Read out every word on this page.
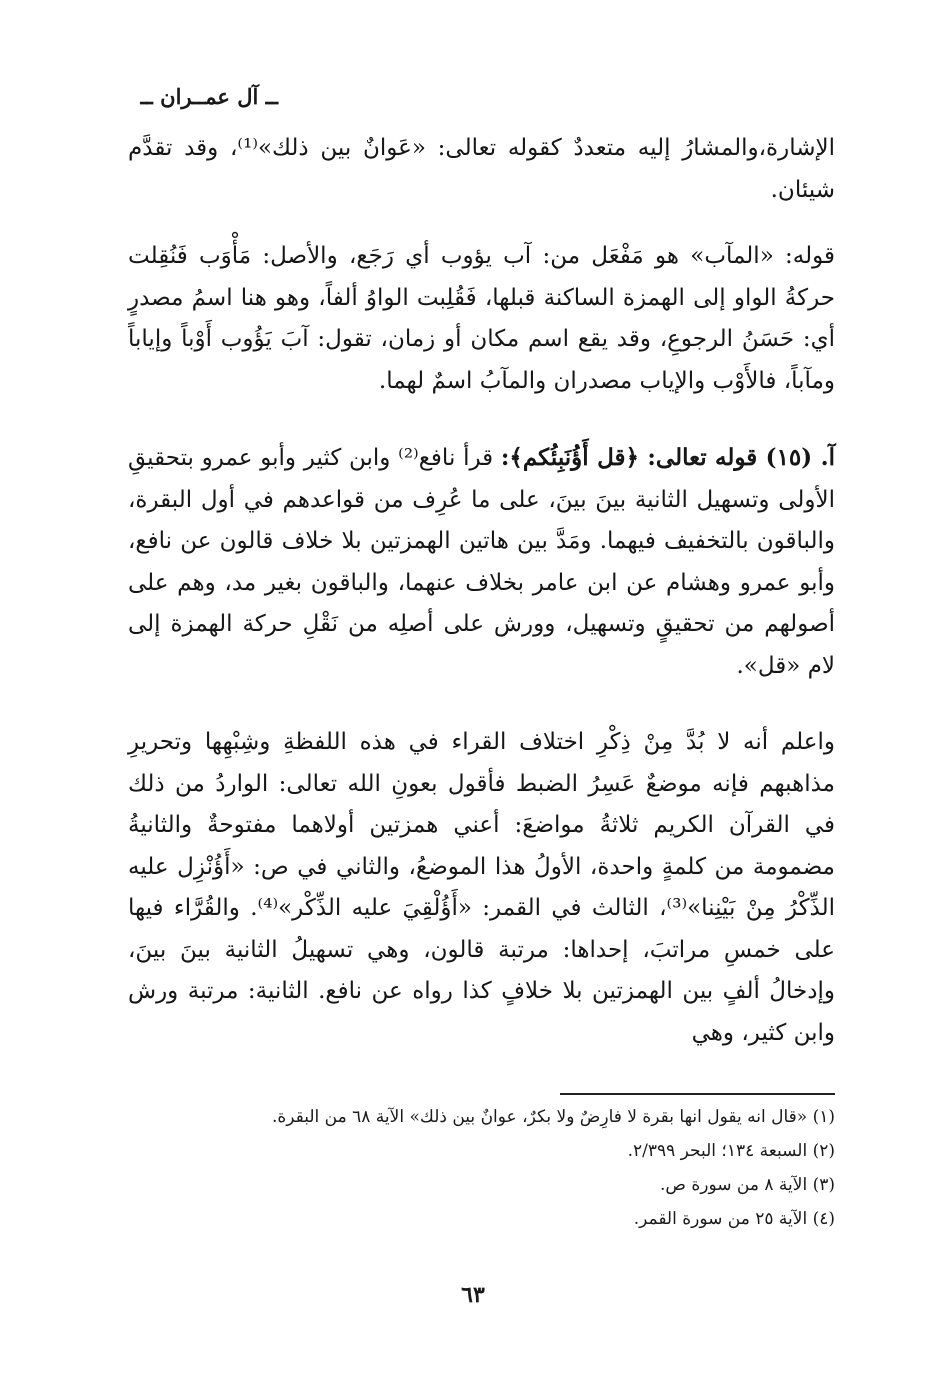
ــ آل عمــران ــ
الإشارة،والمشارُ إليه متعددٌ كقوله تعالى: «عَوانٌ بين ذلك»⁽¹⁾، وقد تقدَّم شيئان.
قوله: «المآب» هو مَفْعَل من: آب يؤوب أي رَجَع، والأصل: مَأْوَب فَنُقِلت حركةُ الواو إلى الهمزة الساكنة قبلها، فَقُلِبت الواوُ ألفاً، وهو هنا اسمُ مصدرٍ أي: حَسَنُ الرجوعِ، وقد يقع اسم مكان أو زمان، تقول: آبَ يَؤُوب أَوْباً وإياباً ومآباً، فالأَوْب والإياب مصدران والمآبُ اسمٌ لهما.
آ. (١٥) قوله تعالى: ﴿قل أَؤُنَبِئُكم﴾: قرأ نافع⁽²⁾ وابن كثير وأبو عمرو بتحقيقِ الأولى وتسهيل الثانية بينَ بينَ، على ما عُرِف من قواعدهم في أول البقرة، والباقون بالتخفيف فيهما. ومَدَّ بين هاتين الهمزتين بلا خلاف قالون عن نافع، وأبو عمرو وهشام عن ابن عامر بخلاف عنهما، والباقون بغير مد، وهم على أصولهم من تحقيقٍ وتسهيل، وورش على أصلِه من نَقْلِ حركة الهمزة إلى لام «قل».
واعلم أنه لا بُدَّ مِنْ ذِكْرِ اختلاف القراء في هذه اللفظةِ وشِبْهِها وتحريرِ مذاهبهم فإنه موضعٌ عَسِرُ الضبط فأقول بعونِ الله تعالى: الواردُ من ذلك في القرآن الكريم ثلاثةُ مواضعَ: أعني همزتين أولاهما مفتوحةٌ والثانيةُ مضمومة من كلمةٍ واحدة، الأولُ هذا الموضعُ، والثاني في ص: «أَؤُنْزِل عليه الذِّكْرُ مِنْ بَيْنِنا»⁽³⁾، الثالث في القمر: «أَؤُلْقِيَ عليه الذِّكْر»⁽⁴⁾. والقُرَّاء فيها على خمسِ مراتبَ، إحداها: مرتبة قالون، وهي تسهيلُ الثانية بينَ بينَ، وإدخالُ ألفٍ بين الهمزتين بلا خلافٍ كذا رواه عن نافع. الثانية: مرتبة ورش وابن كثير، وهي
(١) «قال انه يقول انها بقرة لا فارِضٌ ولا بكرٌ، عوانٌ بين ذلك» الآية ٦٨ من البقرة.
(٢) السبعة ١٣٤؛ البحر ٢/٣٩٩.
(٣) الآية ٨ من سورة ص.
(٤) الآية ٢٥ من سورة القمر.
٦٣
